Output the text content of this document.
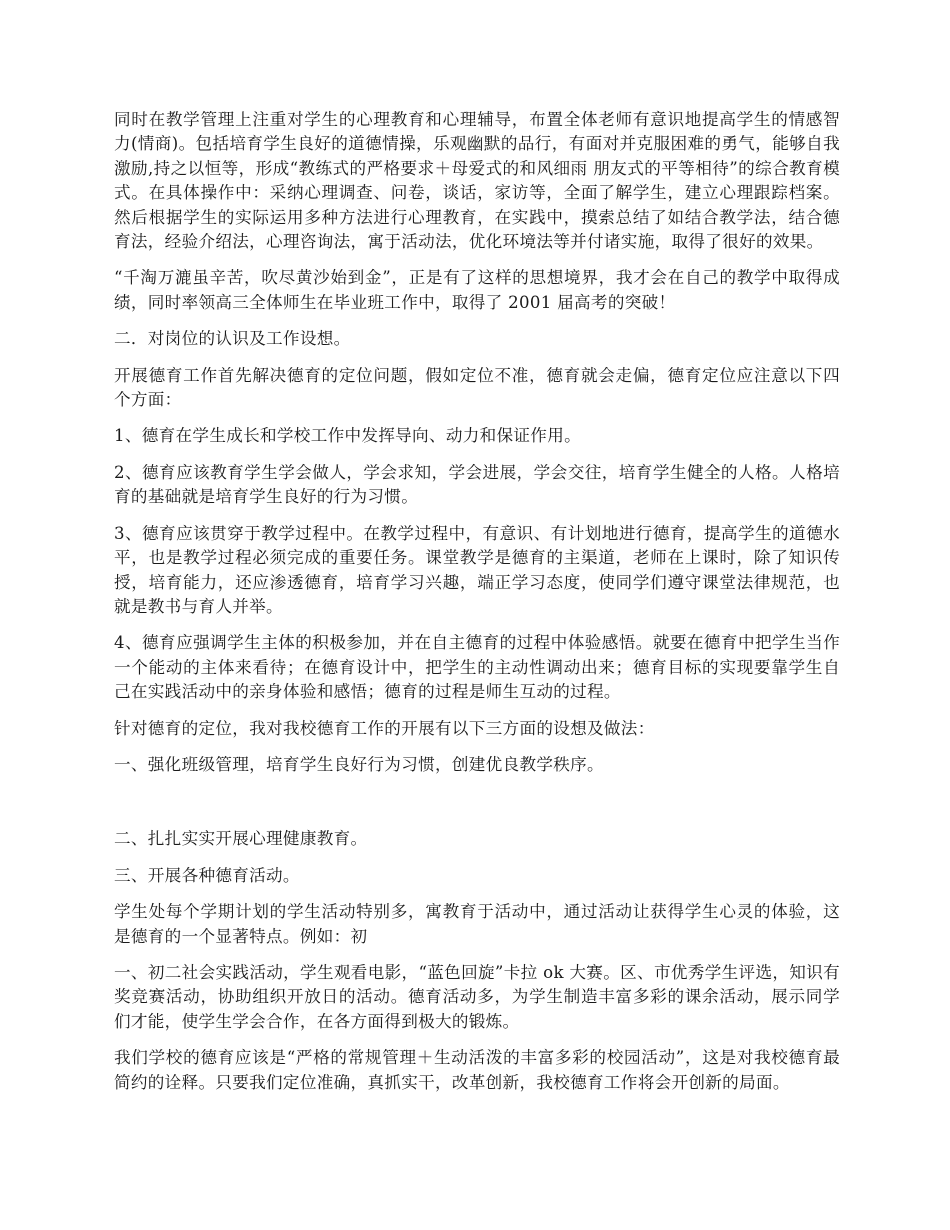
同时在教学管理上注重对学生的心理教育和心理辅导，布置全体老师有意识地提高学生的情感智力(情商)。包括培育学生良好的道德情操，乐观幽默的品行，有面对并克服困难的勇气，能够自我激励,持之以恒等，形成“教练式的严格要求＋母爱式的和风细雨 朋友式的平等相待”的综合教育模式。在具体操作中：采纳心理调查、问卷，谈话，家访等，全面了解学生，建立心理跟踪档案。然后根据学生的实际运用多种方法进行心理教育，在实践中，摸索总结了如结合教学法，结合德育法，经验介绍法，心理咨询法，寓于活动法，优化环境法等并付诸实施，取得了很好的效果。

“千淘万漉虽辛苦，吹尽黄沙始到金”，正是有了这样的思想境界，我才会在自己的教学中取得成绩，同时率领高三全体师生在毕业班工作中，取得了 2001 届高考的突破！

二．对岗位的认识及工作设想。

开展德育工作首先解决德育的定位问题，假如定位不准，德育就会走偏，德育定位应注意以下四个方面：

1、德育在学生成长和学校工作中发挥导向、动力和保证作用。

2、德育应该教育学生学会做人，学会求知，学会进展，学会交往，培育学生健全的人格。人格培育的基础就是培育学生良好的行为习惯。

3、德育应该贯穿于教学过程中。在教学过程中，有意识、有计划地进行德育，提高学生的道德水平，也是教学过程必须完成的重要任务。课堂教学是德育的主渠道，老师在上课时，除了知识传授，培育能力，还应渗透德育，培育学习兴趣，端正学习态度，使同学们遵守课堂法律规范，也就是教书与育人并举。

4、德育应强调学生主体的积极参加，并在自主德育的过程中体验感悟。就要在德育中把学生当作一个能动的主体来看待；在德育设计中，把学生的主动性调动出来；德育目标的实现要靠学生自己在实践活动中的亲身体验和感悟；德育的过程是师生互动的过程。

针对德育的定位，我对我校德育工作的开展有以下三方面的设想及做法：

一、强化班级管理，培育学生良好行为习惯，创建优良教学秩序。

二、扎扎实实开展心理健康教育。

三、开展各种德育活动。

学生处每个学期计划的学生活动特别多，寓教育于活动中，通过活动让获得学生心灵的体验，这是德育的一个显著特点。例如：初

一、初二社会实践活动，学生观看电影，“蓝色回旋”卡拉 ok 大赛。区、市优秀学生评选，知识有奖竞赛活动，协助组织开放日的活动。德育活动多，为学生制造丰富多彩的课余活动，展示同学们才能，使学生学会合作，在各方面得到极大的锻炼。

我们学校的德育应该是“严格的常规管理＋生动活泼的丰富多彩的校园活动”，这是对我校德育最简约的诠释。只要我们定位准确，真抓实干，改革创新，我校德育工作将会开创新的局面。
